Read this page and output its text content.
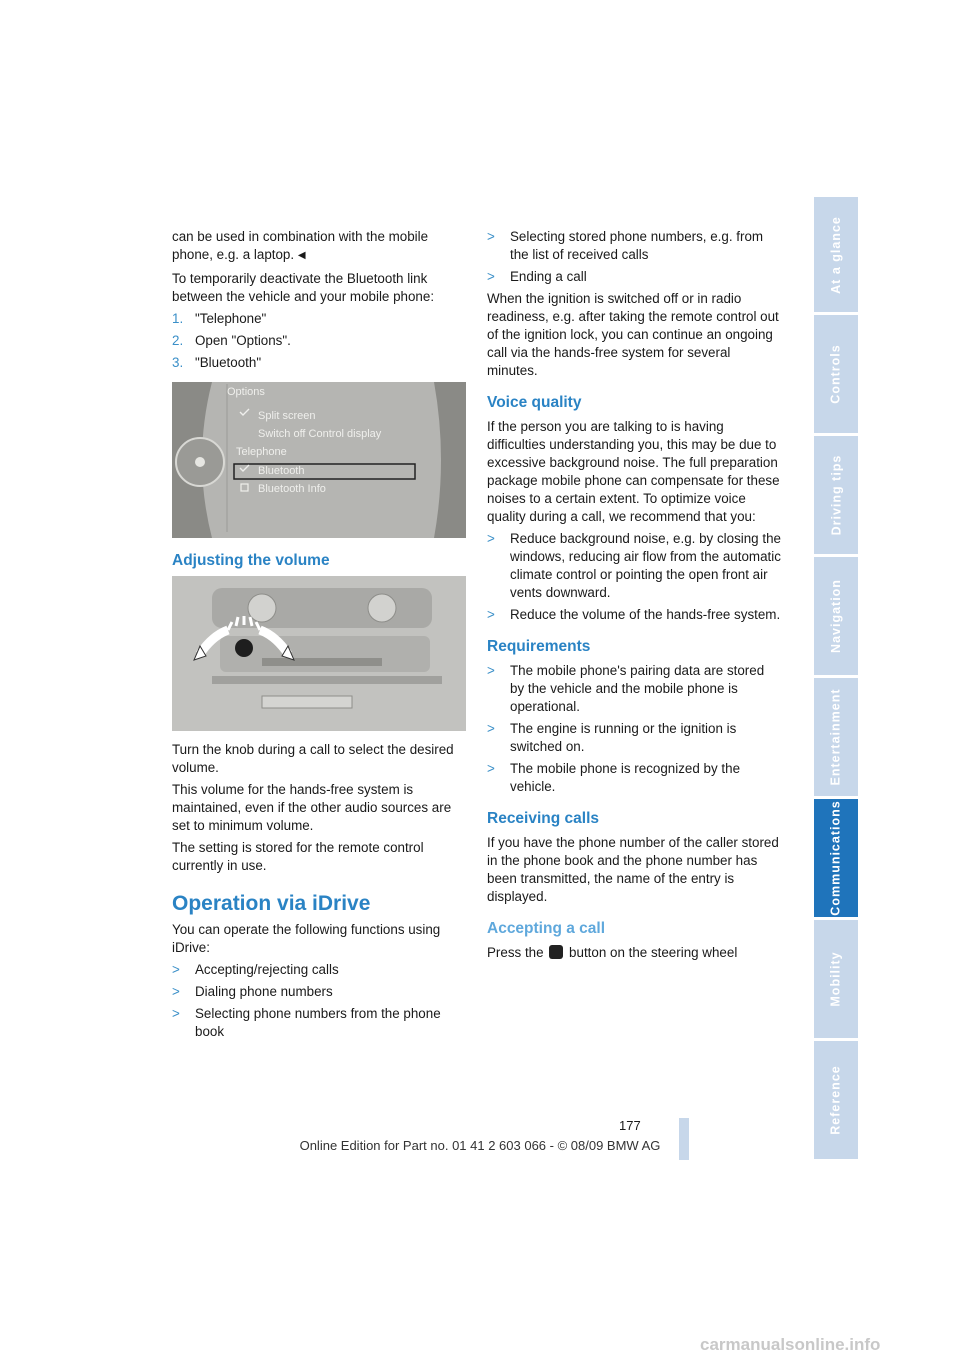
can be used in combination with the mobile phone, e.g. a laptop. ◀

To temporarily deactivate the Bluetooth link between the vehicle and your mobile phone:

1. "Telephone"
2. Open "Options".
3. "Bluetooth"
Options
Split screen
Switch off Control display
Telephone
Bluetooth
Bluetooth Info
Adjusting the volume

Turn the knob during a call to select the desired volume.

This volume for the hands-free system is maintained, even if the other audio sources are set to minimum volume.

The setting is stored for the remote control currently in use.

Operation via iDrive

You can operate the following functions using iDrive:

>	Accepting/rejecting calls
>	Dialing phone numbers
>	Selecting phone numbers from the phone book
>	Selecting stored phone numbers, e.g. from the list of received calls
>	Ending a call

When the ignition is switched off or in radio readiness, e.g. after taking the remote control out of the ignition lock, you can continue an ongoing call via the hands-free system for several minutes.

Voice quality

If the person you are talking to is having difficulties understanding you, this may be due to excessive background noise. The full preparation package mobile phone can compensate for these noises to a certain extent. To optimize voice quality during a call, we recommend that you:

>	Reduce background noise, e.g. by closing the windows, reducing air flow from the automatic climate control or pointing the open front air vents downward.
>	Reduce the volume of the hands-free system.
Requirements
>	The mobile phone's pairing data are stored by the vehicle and the mobile phone is operational.
>	The engine is running or the ignition is switched on.
>	The mobile phone is recognized by the vehicle.
Receiving calls

If you have the phone number of the caller stored in the phone book and the phone number has been transmitted, the name of the entry is displayed.

Accepting a call

Press the button on the steering wheel

At a glance
Controls
Driving tips
Navigation
Entertainment
Communications
Mobility
Reference
177
Online Edition for Part no. 01 41 2 603 066 - © 08/09 BMW AG
carmanualsonline.info
